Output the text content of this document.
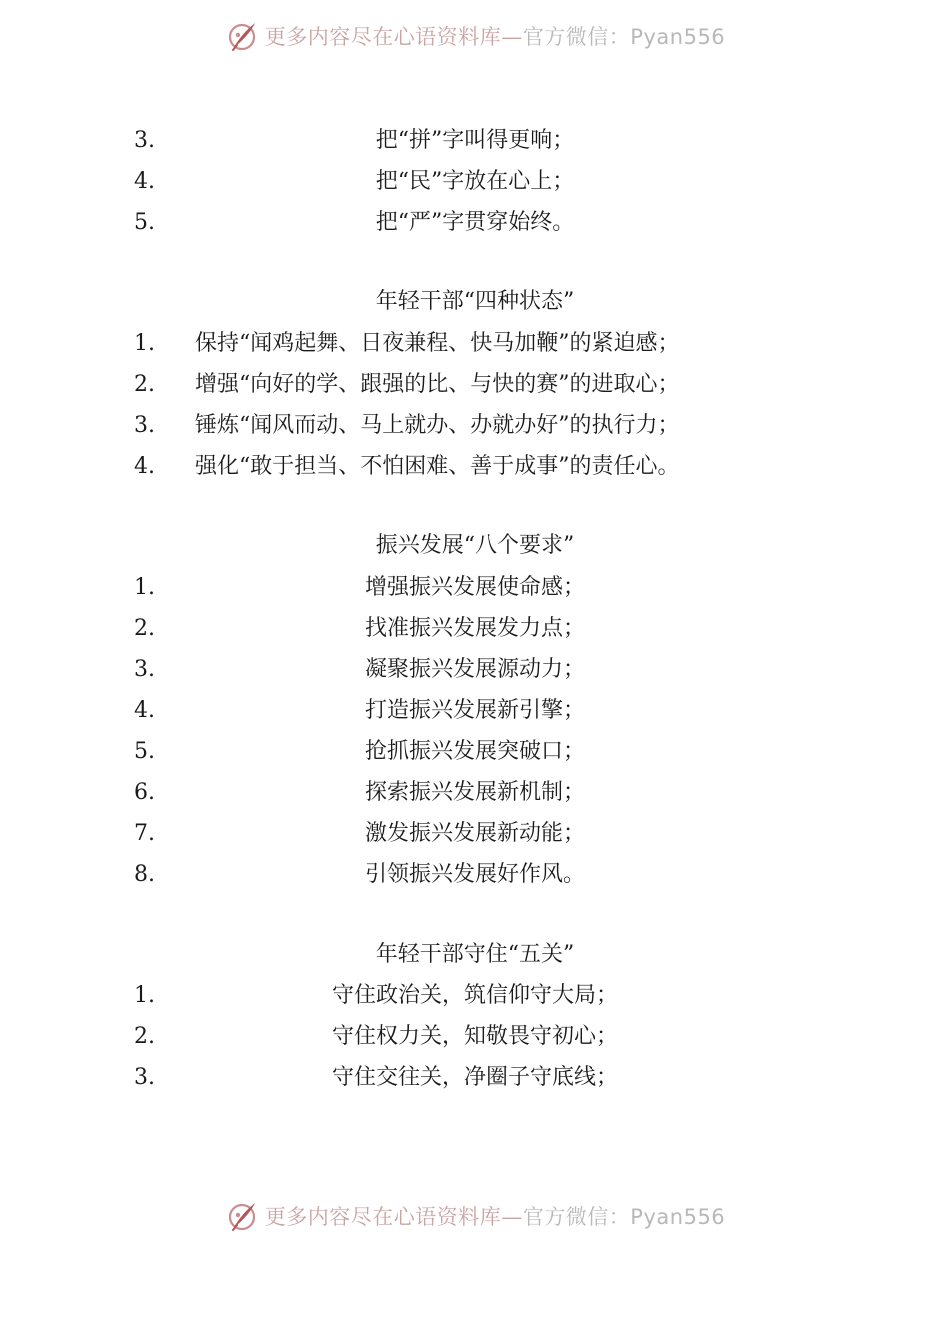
更多内容尽在心语资料库—官方微信：Pyan556
3.	把“拼”字叫得更响；
4.	把“民”字放在心上；
5.	把“严”字贯穿始终。
年轻干部“四种状态”
1.	保持“闻鸡起舞、日夜兼程、快马加鞭”的紧迫感；
2.	增强“向好的学、跟强的比、与快的赛”的进取心；
3.	锤炼“闻风而动、马上就办、办就办好”的执行力；
4.	强化“敢于担当、不怕困难、善于成事”的责任心。
振兴发展“八个要求”
1.	增强振兴发展使命感；
2.	找准振兴发展发力点；
3.	凝聚振兴发展源动力；
4.	打造振兴发展新引擎；
5.	抢抓振兴发展突破口；
6.	探索振兴发展新机制；
7.	激发振兴发展新动能；
8.	引领振兴发展好作风。
年轻干部守住“五关”
1.	守住政治关，筑信仰守大局；
2.	守住权力关，知敬畏守初心；
3.	守住交往关，净圈子守底线；
更多内容尽在心语资料库—官方微信：Pyan556
